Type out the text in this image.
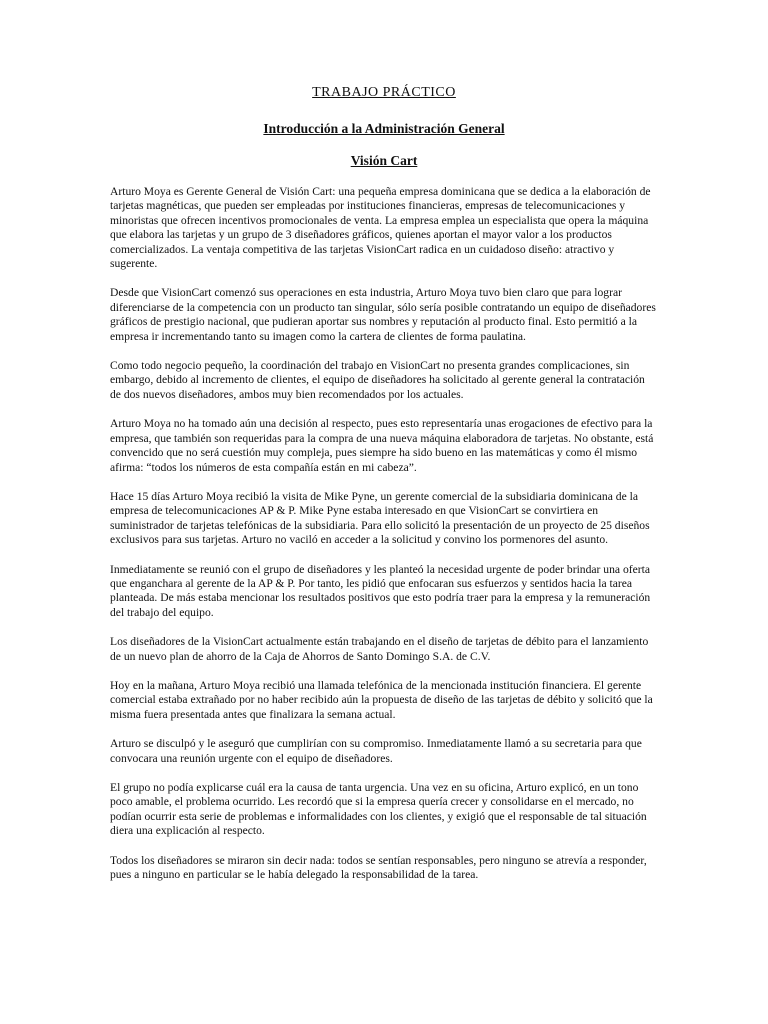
TRABAJO PRÁCTICO
Introducción a la Administración General
Visión Cart

Arturo Moya es Gerente General de Visión Cart: una pequeña empresa dominicana que se dedica a la elaboración de tarjetas magnéticas, que pueden ser empleadas por instituciones financieras, empresas de telecomunicaciones y minoristas que ofrecen incentivos promocionales de venta. La empresa emplea un especialista que opera la máquina que elabora las tarjetas y un grupo de 3 diseñadores gráficos, quienes aportan el mayor valor a los productos comercializados. La ventaja competitiva de las tarjetas VisionCart radica en un cuidadoso diseño: atractivo y sugerente.

Desde que VisionCart comenzó sus operaciones en esta industria, Arturo Moya tuvo bien claro que para lograr diferenciarse de la competencia con un producto tan singular, sólo sería posible contratando un equipo de diseñadores gráficos de prestigio nacional, que pudieran aportar sus nombres y reputación al producto final. Esto permitió a la empresa ir incrementando tanto su imagen como la cartera de clientes de forma paulatina.

Como todo negocio pequeño, la coordinación del trabajo en VisionCart no presenta grandes complicaciones, sin embargo, debido al incremento de clientes, el equipo de diseñadores ha solicitado al gerente general la contratación de dos nuevos diseñadores, ambos muy bien recomendados por los actuales.

Arturo Moya no ha tomado aún una decisión al respecto, pues esto representaría unas erogaciones de efectivo para la empresa, que también son requeridas para la compra de una nueva máquina elaboradora de tarjetas. No obstante, está convencido que no será cuestión muy compleja, pues siempre ha sido bueno en las matemáticas y como él mismo afirma: “todos los números de esta compañía están en mi cabeza”.

Hace 15 días Arturo Moya recibió la visita de Mike Pyne, un gerente comercial de la subsidiaria dominicana de la empresa de telecomunicaciones AP & P. Mike Pyne estaba interesado en que VisionCart se convirtiera en suministrador de tarjetas telefónicas de la subsidiaria. Para ello solicitó la presentación de un proyecto de 25 diseños exclusivos para sus tarjetas. Arturo no vaciló en acceder a la solicitud y convino los pormenores del asunto.

Inmediatamente se reunió con el grupo de diseñadores y les planteó la necesidad urgente de poder brindar una oferta que enganchara al gerente de la AP & P. Por tanto, les pidió que enfocaran sus esfuerzos y sentidos hacia la tarea planteada. De más estaba mencionar los resultados positivos que esto podría traer para la empresa y la remuneración del trabajo del equipo.

Los diseñadores de la VisionCart actualmente están trabajando en el diseño de tarjetas de débito para el lanzamiento de un nuevo plan de ahorro de la Caja de Ahorros de Santo Domingo S.A. de C.V.

Hoy en la mañana, Arturo Moya recibió una llamada telefónica de la mencionada institución financiera. El gerente comercial estaba extrañado por no haber recibido aún la propuesta de diseño de las tarjetas de débito y solicitó que la misma fuera presentada antes que finalizara la semana actual.

Arturo se disculpó y le aseguró que cumplirían con su compromiso. Inmediatamente llamó a su secretaria para que convocara una reunión urgente con el equipo de diseñadores.

El grupo no podía explicarse cuál era la causa de tanta urgencia. Una vez en su oficina, Arturo explicó, en un tono poco amable, el problema ocurrido. Les recordó que si la empresa quería crecer y consolidarse en el mercado, no podían ocurrir esta serie de problemas e informalidades con los clientes, y exigió que el responsable de tal situación diera una explicación al respecto.

Todos los diseñadores se miraron sin decir nada: todos se sentían responsables, pero ninguno se atrevía a responder, pues a ninguno en particular se le había delegado la responsabilidad de la tarea.
